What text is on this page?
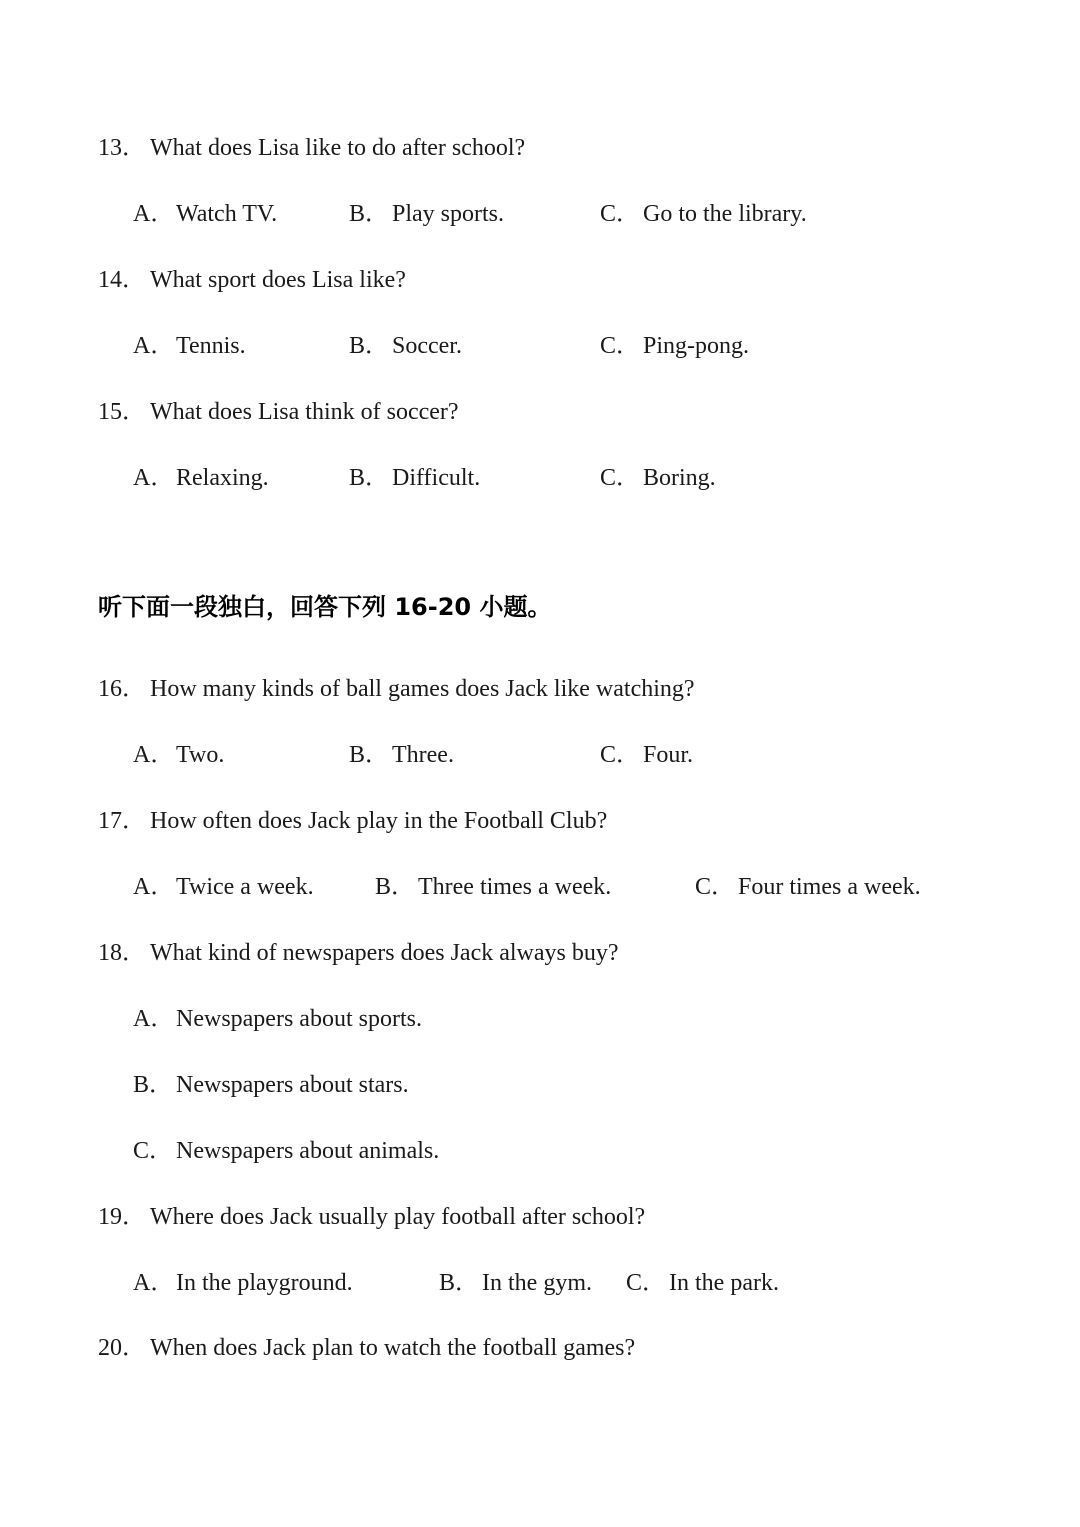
13． What does Lisa like to do after school?
A．Watch TV.	B． Play sports.	C． Go to the library.
14． What sport does Lisa like?
A．Tennis.	B． Soccer.	C． Ping-pong.
15． What does Lisa think of soccer?
A．Relaxing.	B． Difficult.	C． Boring.
听下面一段独白，回答下列 16-20 小题。
16． How many kinds of ball games does Jack like watching?
A．Two.	B． Three.	C． Four.
17． How often does Jack play in the Football Club?
A．Twice a week.	B． Three times a week.	C． Four times a week.
18． What kind of newspapers does Jack always buy?
A．Newspapers about sports.
B． Newspapers about stars.
C． Newspapers about animals.
19． Where does Jack usually play football after school?
A．In the playground.	B． In the gym. C． In the park.
20． When does Jack plan to watch the football games?
